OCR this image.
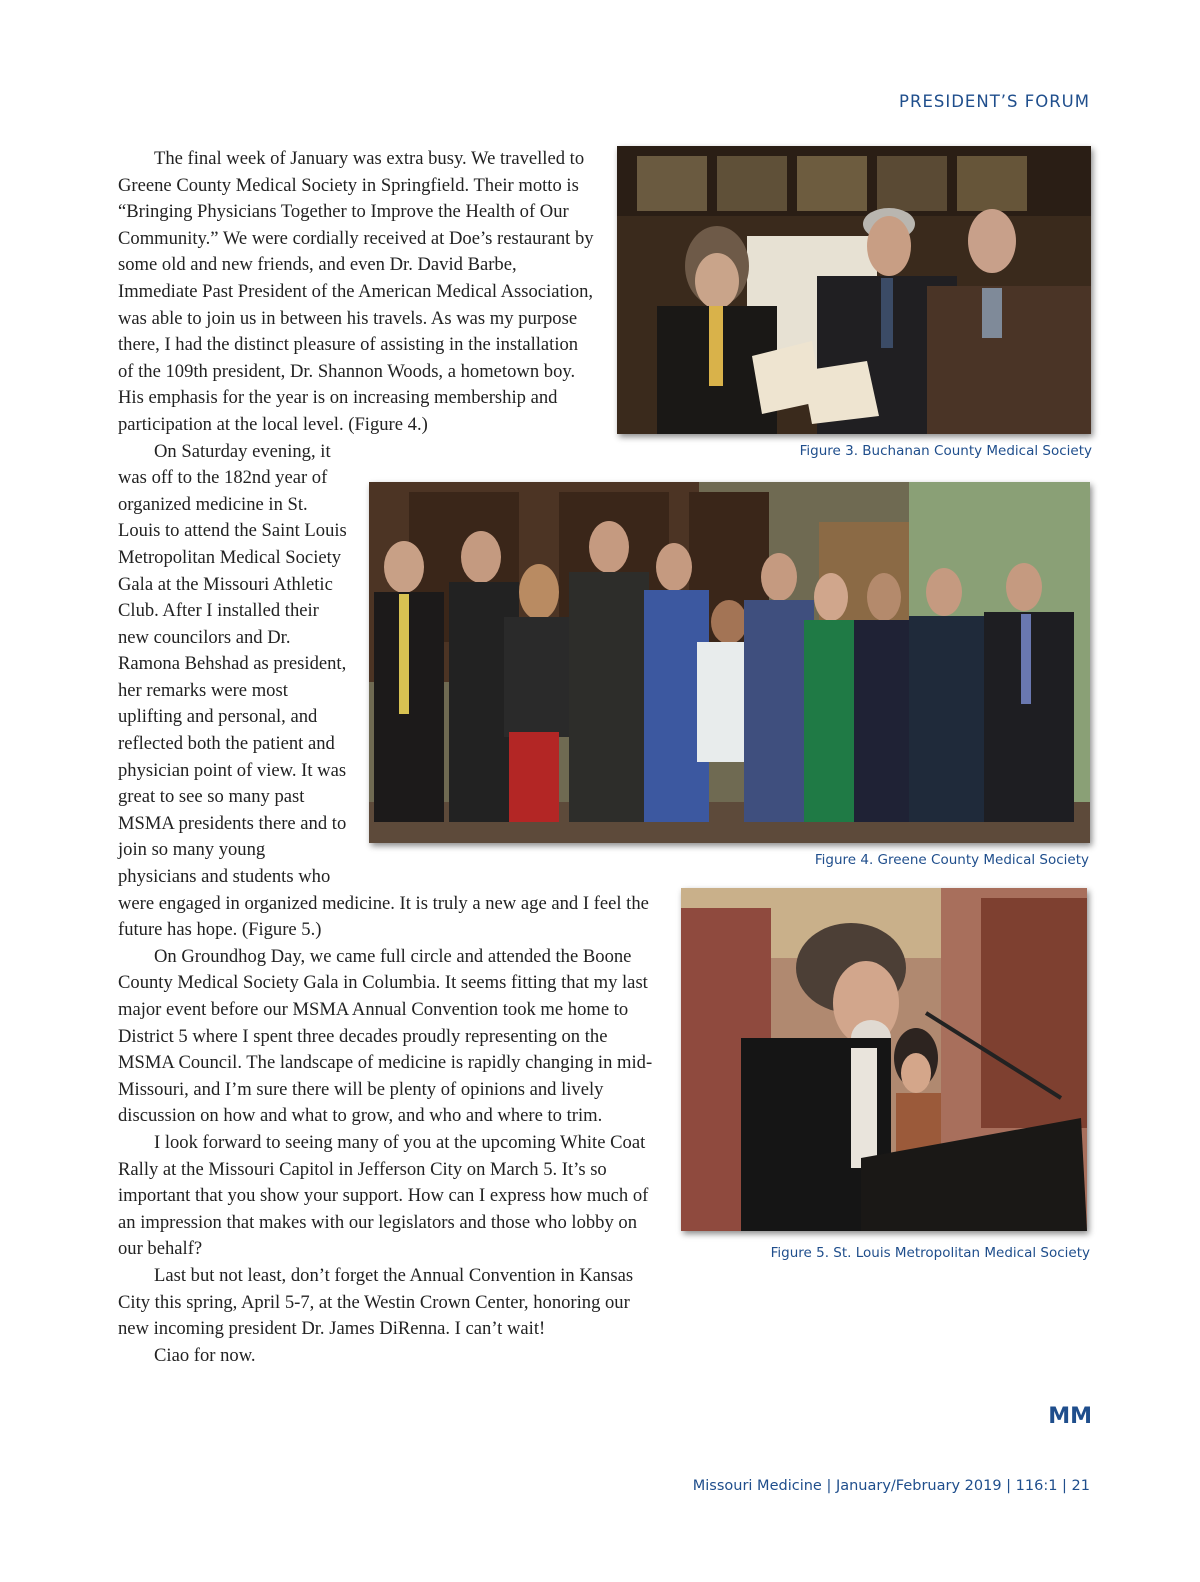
PRESIDENT’S FORUM

The final week of January was extra busy. We travelled to Greene County Medical Society in Springfield. Their motto is “Bringing Physicians Together to Improve the Health of Our Community.” We were cordially received at Doe’s restaurant by some old and new friends, and even Dr. David Barbe, Immediate Past President of the American Medical Association, was able to join us in between his travels. As was my purpose there, I had the distinct pleasure of assisting in the installation of the 109th president, Dr. Shannon Woods, a hometown boy. His emphasis for the year is on increasing membership and participation at the local level. (Figure 4.)

On Saturday evening, it was off to the 182nd year of organized medicine in St. Louis to attend the Saint Louis Metropolitan Medical Society Gala at the Missouri Athletic Club. After I installed their new councilors and Dr. Ramona Behshad as president, her remarks were most uplifting and personal, and reflected both the patient and physician point of view. It was great to see so many past MSMA presidents there and to join so many young physicians and students who were engaged in organized medicine. It is truly a new age and I feel the future has hope. (Figure 5.)

On Groundhog Day, we came full circle and attended the Boone County Medical Society Gala in Columbia. It seems fitting that my last major event before our MSMA Annual Convention took me home to District 5 where I spent three decades proudly representing on the MSMA Council. The landscape of medicine is rapidly changing in mid-Missouri, and I’m sure there will be plenty of opinions and lively discussion on how and what to grow, and who and where to trim.

I look forward to seeing many of you at the upcoming White Coat Rally at the Missouri Capitol in Jefferson City on March 5. It’s so important that you show your support. How can I express how much of an impression that makes with our legislators and those who lobby on our behalf?

Last but not least, don’t forget the Annual Convention in Kansas City this spring, April 5-7, at the Westin Crown Center, honoring our new incoming president Dr. James DiRenna. I can’t wait!

Ciao for now.

Figure 3. Buchanan County Medical Society
Figure 4. Greene County Medical Society
Figure 5. St. Louis Metropolitan Medical Society
MM
Missouri Medicine | January/February 2019 | 116:1 | 21
